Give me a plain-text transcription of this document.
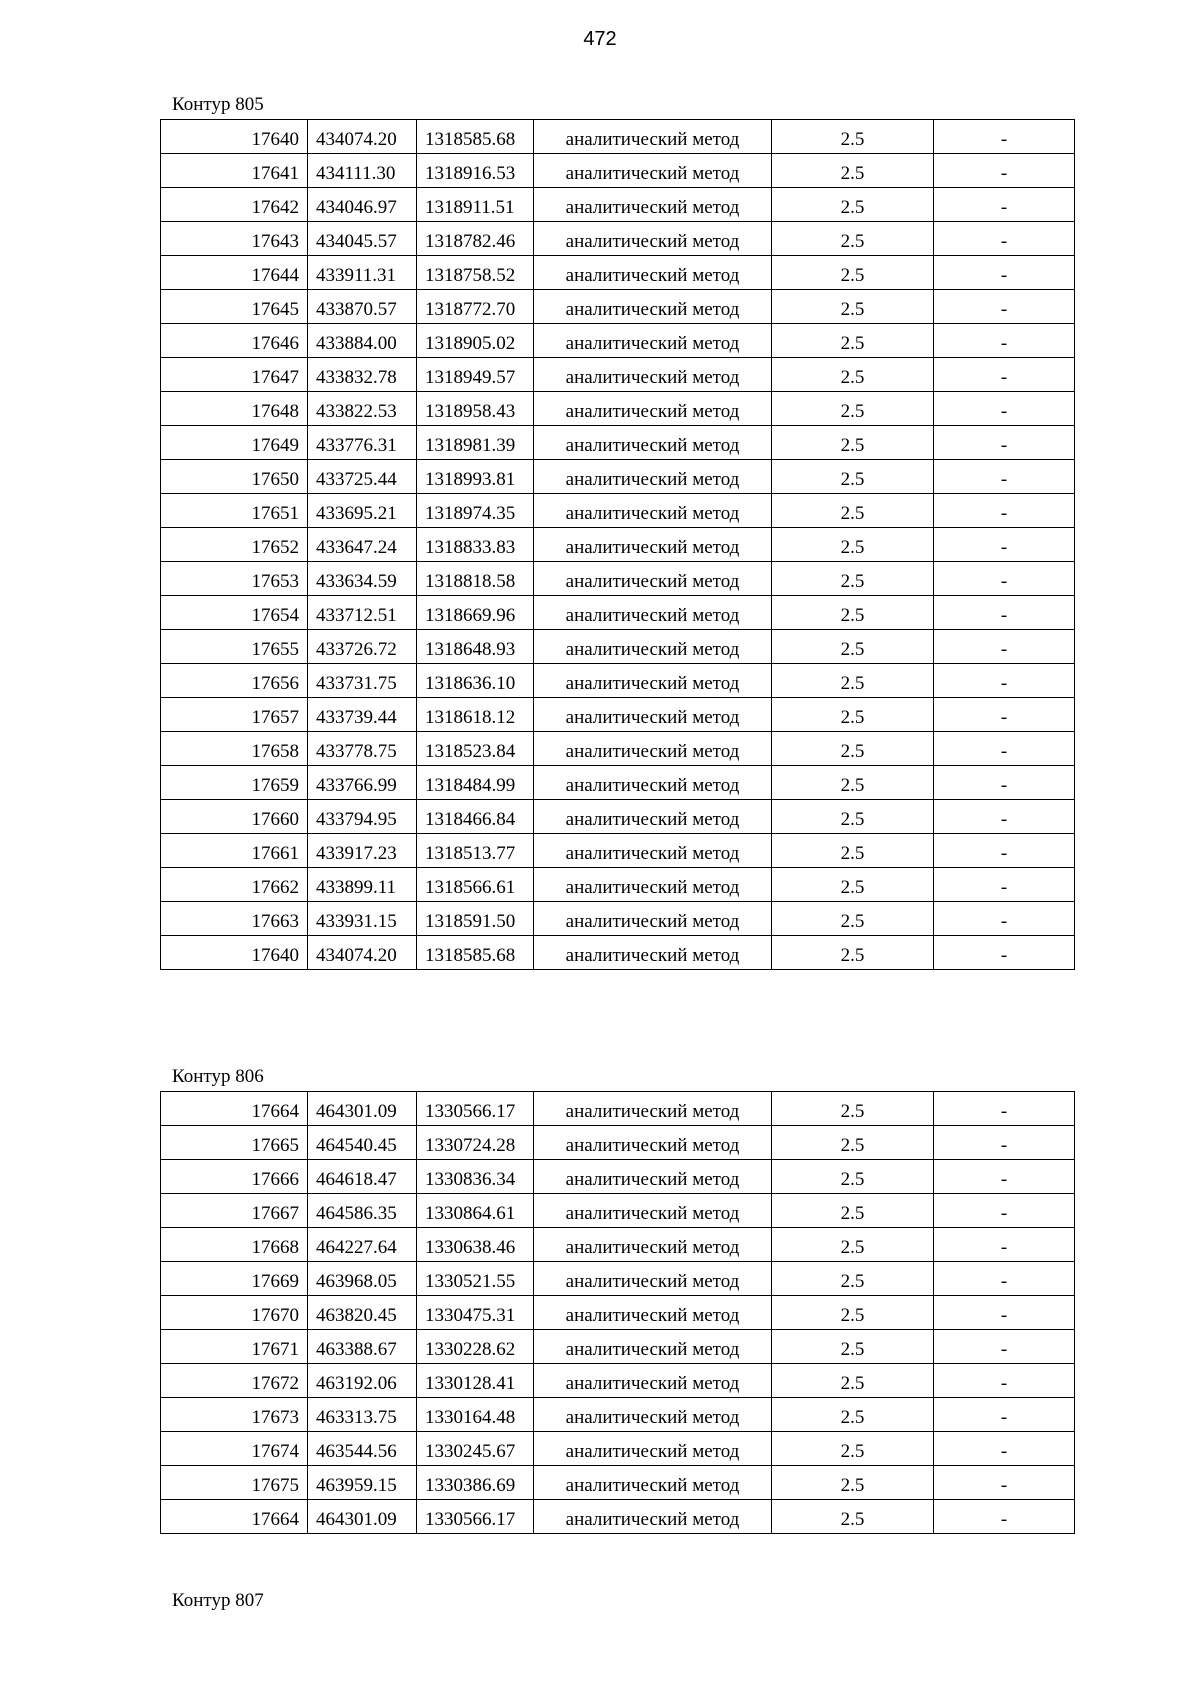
472
Контур 805
17640	434074.20	1318585.68	аналитический метод	2.5	-
17641	434111.30	1318916.53	аналитический метод	2.5	-
17642	434046.97	1318911.51	аналитический метод	2.5	-
17643	434045.57	1318782.46	аналитический метод	2.5	-
17644	433911.31	1318758.52	аналитический метод	2.5	-
17645	433870.57	1318772.70	аналитический метод	2.5	-
17646	433884.00	1318905.02	аналитический метод	2.5	-
17647	433832.78	1318949.57	аналитический метод	2.5	-
17648	433822.53	1318958.43	аналитический метод	2.5	-
17649	433776.31	1318981.39	аналитический метод	2.5	-
17650	433725.44	1318993.81	аналитический метод	2.5	-
17651	433695.21	1318974.35	аналитический метод	2.5	-
17652	433647.24	1318833.83	аналитический метод	2.5	-
17653	433634.59	1318818.58	аналитический метод	2.5	-
17654	433712.51	1318669.96	аналитический метод	2.5	-
17655	433726.72	1318648.93	аналитический метод	2.5	-
17656	433731.75	1318636.10	аналитический метод	2.5	-
17657	433739.44	1318618.12	аналитический метод	2.5	-
17658	433778.75	1318523.84	аналитический метод	2.5	-
17659	433766.99	1318484.99	аналитический метод	2.5	-
17660	433794.95	1318466.84	аналитический метод	2.5	-
17661	433917.23	1318513.77	аналитический метод	2.5	-
17662	433899.11	1318566.61	аналитический метод	2.5	-
17663	433931.15	1318591.50	аналитический метод	2.5	-
17640	434074.20	1318585.68	аналитический метод	2.5	-
Контур 806
17664	464301.09	1330566.17	аналитический метод	2.5	-
17665	464540.45	1330724.28	аналитический метод	2.5	-
17666	464618.47	1330836.34	аналитический метод	2.5	-
17667	464586.35	1330864.61	аналитический метод	2.5	-
17668	464227.64	1330638.46	аналитический метод	2.5	-
17669	463968.05	1330521.55	аналитический метод	2.5	-
17670	463820.45	1330475.31	аналитический метод	2.5	-
17671	463388.67	1330228.62	аналитический метод	2.5	-
17672	463192.06	1330128.41	аналитический метод	2.5	-
17673	463313.75	1330164.48	аналитический метод	2.5	-
17674	463544.56	1330245.67	аналитический метод	2.5	-
17675	463959.15	1330386.69	аналитический метод	2.5	-
17664	464301.09	1330566.17	аналитический метод	2.5	-
Контур 807
